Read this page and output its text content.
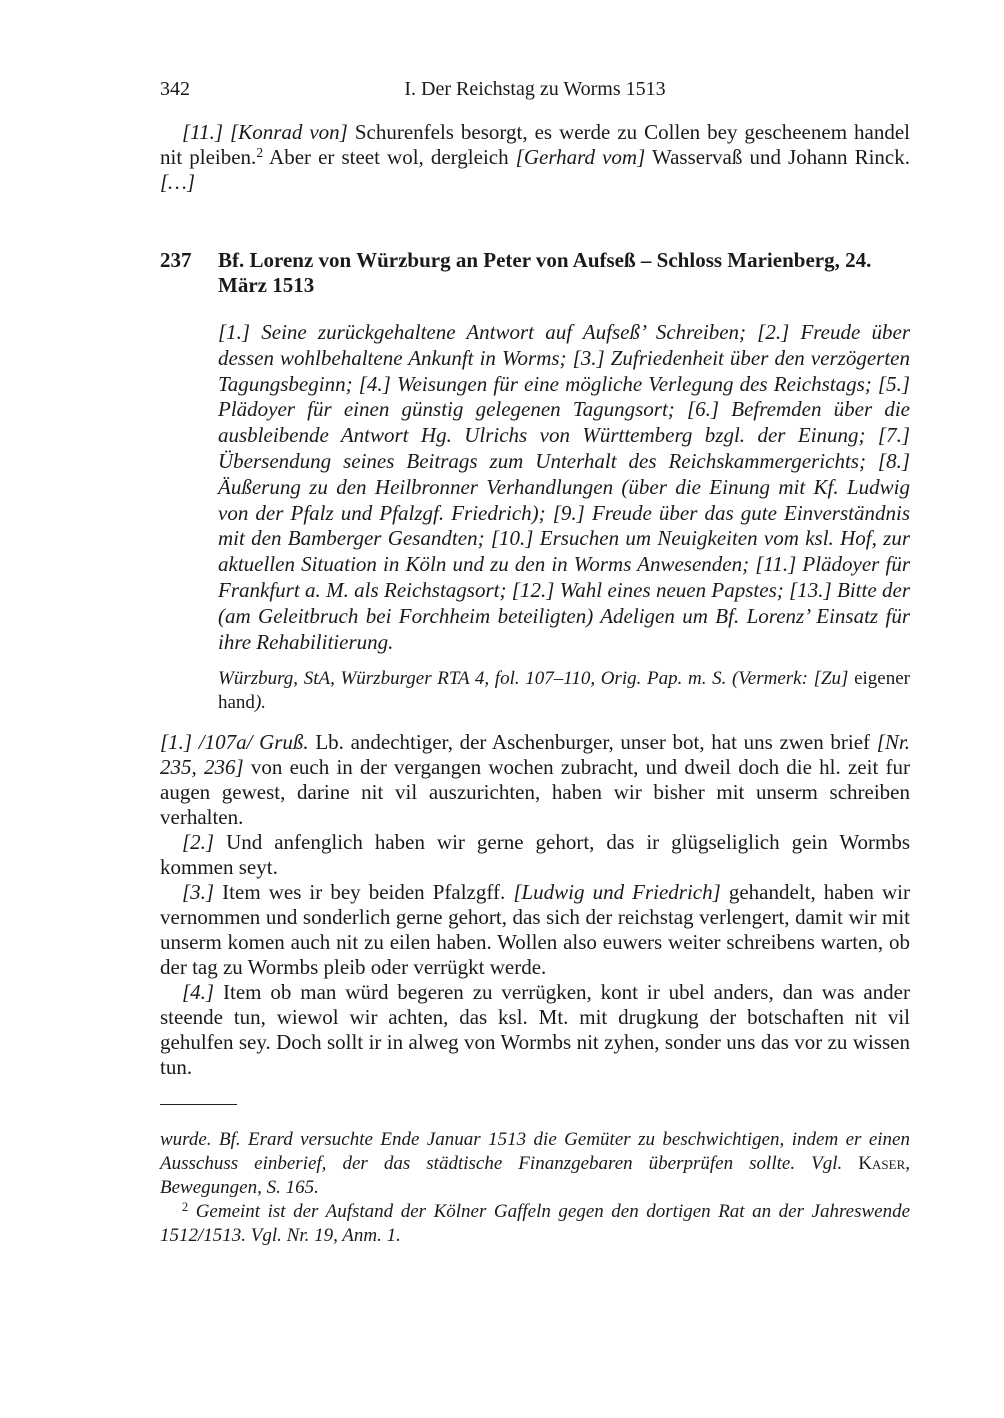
342	I. Der Reichstag zu Worms 1513

[11.] [Konrad von] Schurenfels besorgt, es werde zu Collen bey gescheenem handel nit pleiben.$^2$ Aber er steet wol, dergleich [Gerhard vom] Wasservaß und Johann Rinck. […]

237 Bf. Lorenz von Würzburg an Peter von Aufseß – Schloss Marienberg, 24. März 1513

[1.] Seine zurückgehaltene Antwort auf Aufseß’ Schreiben; [2.] Freude über dessen wohlbehaltene Ankunft in Worms; [3.] Zufriedenheit über den verzögerten Tagungsbeginn; [4.] Weisungen für eine mögliche Verlegung des Reichstags; [5.] Plädoyer für einen günstig gelegenen Tagungsort; [6.] Befremden über die ausbleibende Antwort Hg. Ulrichs von Württemberg bzgl. der Einung; [7.] Übersendung seines Beitrags zum Unterhalt des Reichskammergerichts; [8.] Äußerung zu den Heilbronner Verhandlungen (über die Einung mit Kf. Ludwig von der Pfalz und Pfalzgf. Friedrich); [9.] Freude über das gute Einverständnis mit den Bamberger Gesandten; [10.] Ersuchen um Neuigkeiten vom ksl. Hof, zur aktuellen Situation in Köln und zu den in Worms Anwesenden; [11.] Plädoyer für Frankfurt a. M. als Reichstagsort; [12.] Wahl eines neuen Papstes; [13.] Bitte der (am Geleitbruch bei Forchheim beteiligten) Adeligen um Bf. Lorenz’ Einsatz für ihre Rehabilitierung.

Würzburg, StA, Würzburger RTA 4, fol. 107–110, Orig. Pap. m. S. (Vermerk: [Zu] eigener hand).

[1.] /107a/ Gruß. Lb. andechtiger, der Aschenburger, unser bot, hat uns zwen brief [Nr. 235, 236] von euch in der vergangen wochen zubracht, und dweil doch die hl. zeit fur augen gewest, darine nit vil auszurichten, haben wir bisher mit unserm schreiben verhalten.

[2.] Und anfenglich haben wir gerne gehort, das ir glügseliglich gein Wormbs kommen seyt.

[3.] Item wes ir bey beiden Pfalzgff. [Ludwig und Friedrich] gehandelt, haben wir vernommen und sonderlich gerne gehort, das sich der reichstag verlengert, damit wir mit unserm komen auch nit zu eilen haben. Wollen also euwers weiter schreibens warten, ob der tag zu Wormbs pleib oder verrügkt werde.

[4.] Item ob man würd begeren zu verrügken, kont ir ubel anders, dan was ander steende tun, wiewol wir achten, das ksl. Mt. mit drugkung der botschaften nit vil gehulfen sey. Doch sollt ir in alweg von Wormbs nit zyhen, sonder uns das vor zu wissen tun.

wurde. Bf. Erard versuchte Ende Januar 1513 die Gemüter zu beschwichtigen, indem er einen Ausschuss einberief, der das städtische Finanzgebaren überprüfen sollte. Vgl. Kaser, Bewegungen, S. 165.

$^2$ Gemeint ist der Aufstand der Kölner Gaffeln gegen den dortigen Rat an der Jahreswende 1512/1513. Vgl. Nr. 19, Anm. 1.
